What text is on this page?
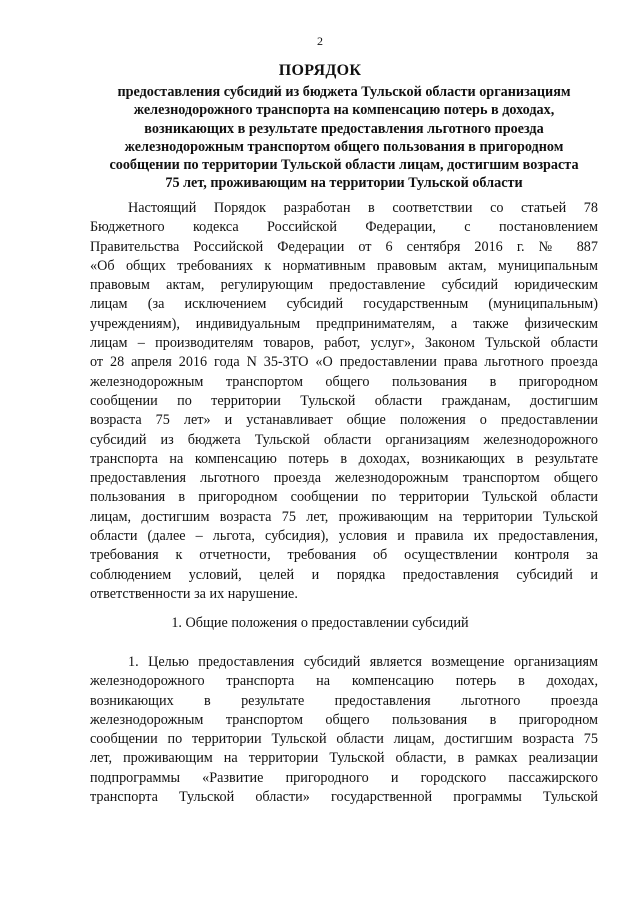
2
ПОРЯДОК
предоставления субсидий из бюджета Тульской области организациям
железнодорожного транспорта на компенсацию потерь в доходах,
возникающих в результате предоставления льготного проезда
железнодорожным транспортом общего пользования в пригородном
сообщении по территории Тульской области лицам, достигшим возраста
75 лет, проживающим на территории Тульской области
Настоящий Порядок разработан в соответствии со статьей 78
Бюджетного кодекса Российской Федерации, с постановлением
Правительства Российской Федерации от 6 сентября 2016 г. № 887
«Об общих требованиях к нормативным правовым актам, муниципальным
правовым актам, регулирующим предоставление субсидий юридическим
лицам (за исключением субсидий государственным (муниципальным)
учреждениям), индивидуальным предпринимателям, а также физическим
лицам – производителям товаров, работ, услуг», Законом Тульской области
от 28 апреля 2016 года N 35-ЗТО «О предоставлении права льготного проезда
железнодорожным транспортом общего пользования в пригородном
сообщении по территории Тульской области гражданам, достигшим
возраста 75 лет» и устанавливает общие положения о предоставлении
субсидий из бюджета Тульской области организациям железнодорожного
транспорта на компенсацию потерь в доходах, возникающих в результате
предоставления льготного проезда железнодорожным транспортом общего
пользования в пригородном сообщении по территории Тульской области
лицам, достигшим возраста 75 лет, проживающим на территории Тульской
области (далее – льгота, субсидия), условия и правила их предоставления,
требования к отчетности, требования об осуществлении контроля за
соблюдением условий, целей и порядка предоставления субсидий и
ответственности за их нарушение.
1. Общие положения о предоставлении субсидий
1. Целью предоставления субсидий является возмещение организациям
железнодорожного транспорта на компенсацию потерь в доходах,
возникающих в результате предоставления льготного проезда
железнодорожным транспортом общего пользования в пригородном
сообщении по территории Тульской области лицам, достигшим возраста 75
лет, проживающим на территории Тульской области, в рамках реализации
подпрограммы «Развитие пригородного и городского пассажирского
транспорта Тульской области» государственной программы Тульской
